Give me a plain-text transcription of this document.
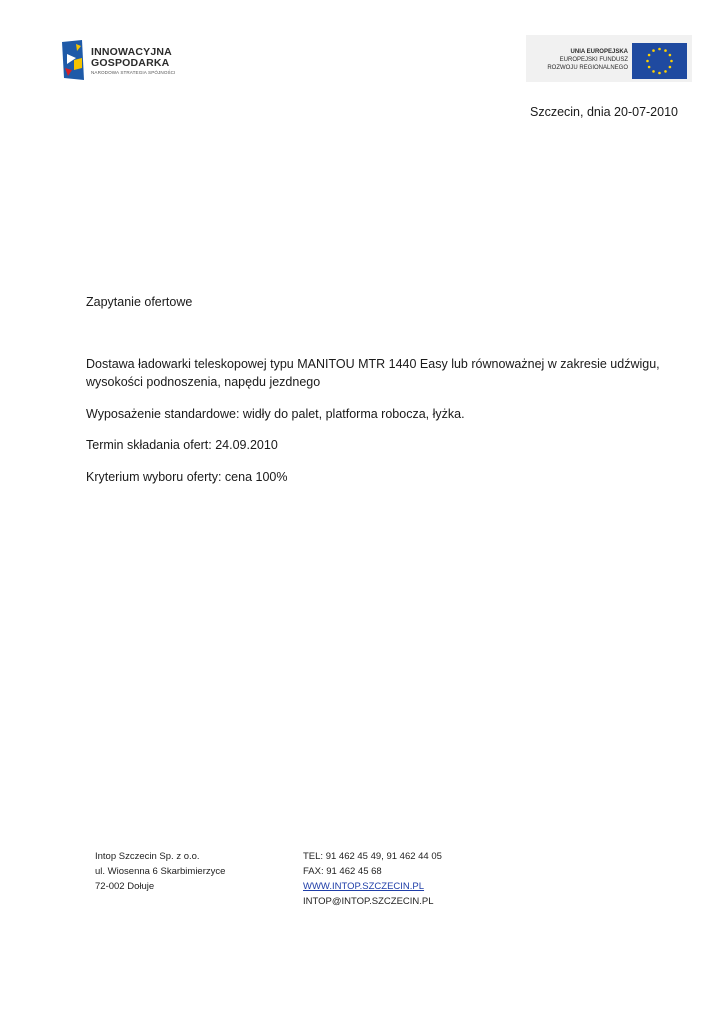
INNOWACYJNA
GOSPODARKA
NARODOWA STRATEGIA SPÓJNOŚCI
UNIA EUROPEJSKA
EUROPEJSKI FUNDUSZ
ROZWOJU REGIONALNEGO
Szczecin, dnia 20-07-2010
Zapytanie ofertowe
Dostawa ładowarki teleskopowej typu MANITOU MTR 1440 Easy lub równoważnej w zakresie udźwigu, wysokości podnoszenia, napędu jezdnego
Wyposażenie standardowe: widły do palet, platforma robocza, łyżka.
Termin składania ofert: 24.09.2010
Kryterium wyboru oferty: cena 100%
Intop Szczecin Sp. z o.o.
ul. Wiosenna 6 Skarbimierzyce
72-002 Dołuje
TEL: 91 462 45 49, 91 462 44 05
FAX: 91 462 45 68
WWW.INTOP.SZCZECIN.PL
INTOP@INTOP.SZCZECIN.PL
